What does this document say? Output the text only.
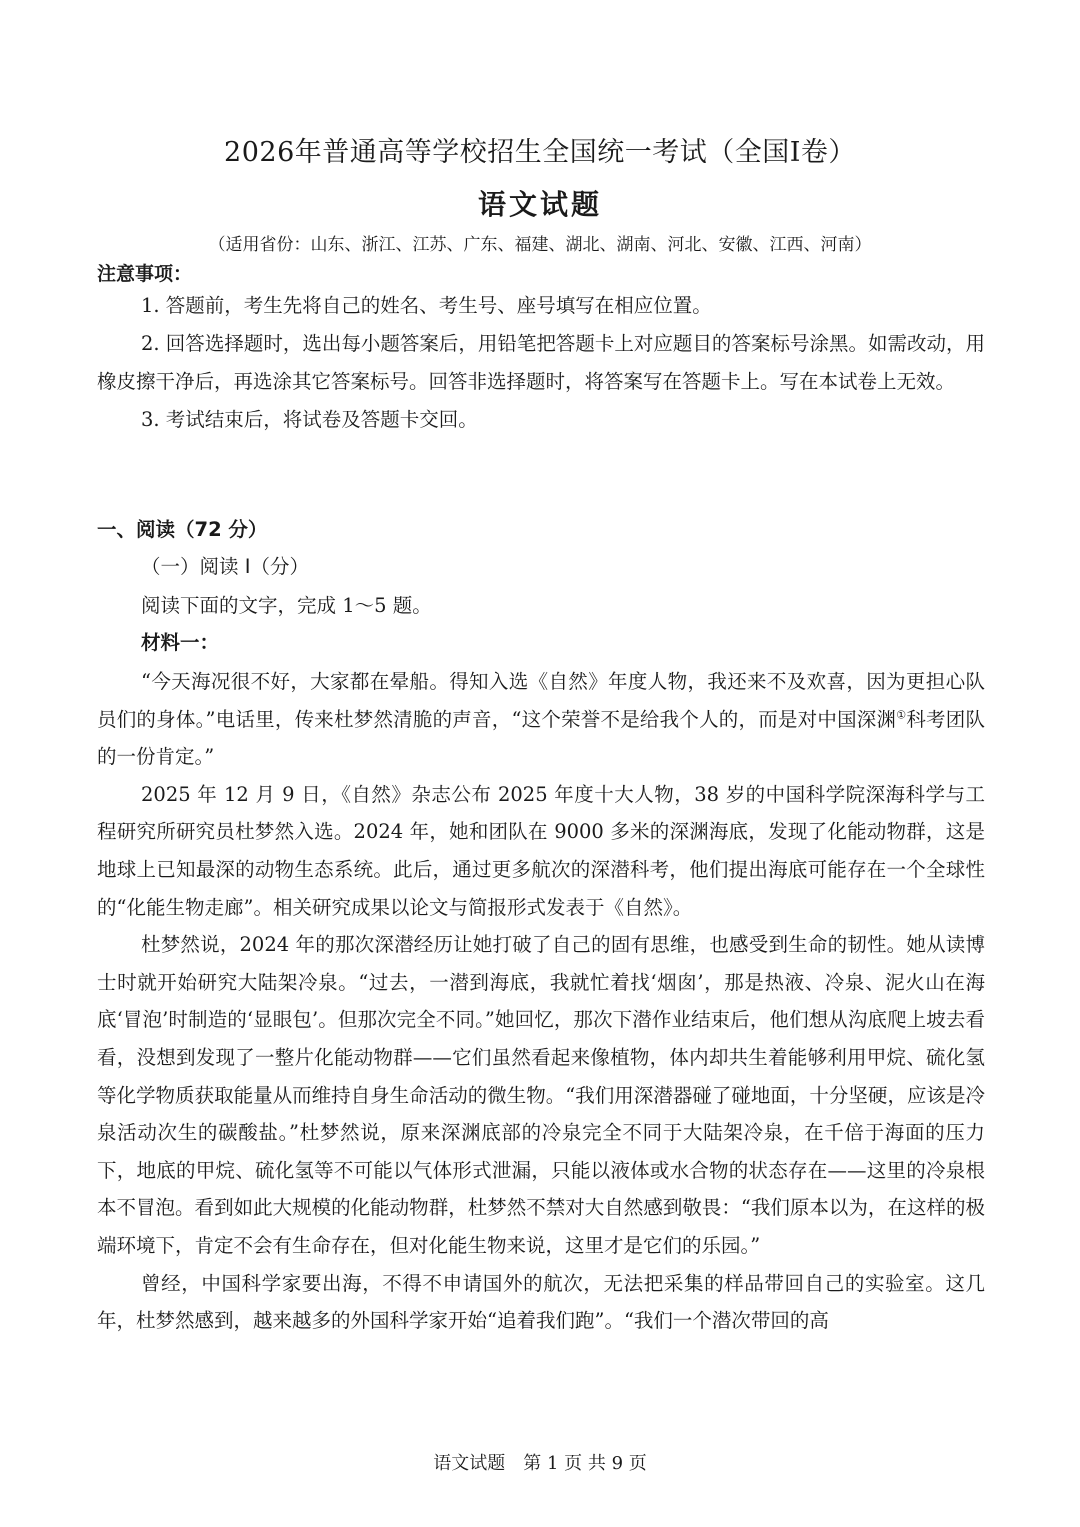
2026年普通高等学校招生全国统一考试（全国Ⅰ卷）
语文试题
（适用省份：山东、浙江、江苏、广东、福建、湖北、湖南、河北、安徽、江西、河南）
注意事项：

1. 答题前，考生先将自己的姓名、考生号、座号填写在相应位置。

2. 回答选择题时，选出每小题答案后，用铅笔把答题卡上对应题目的答案标号涂黑。如需改动，用橡皮擦干净后，再选涂其它答案标号。回答非选择题时，将答案写在答题卡上。写在本试卷上无效。

3. 考试结束后，将试卷及答题卡交回。

一、阅读（72 分）
（一）阅读 I（分）
阅读下面的文字，完成 1～5 题。
材料一：

“今天海况很不好，大家都在晕船。得知入选《自然》年度人物，我还来不及欢喜，因为更担心队员们的身体。”电话里，传来杜梦然清脆的声音，“这个荣誉不是给我个人的，而是对中国深渊①科考团队的一份肯定。”

2025 年 12 月 9 日，《自然》杂志公布 2025 年度十大人物，38 岁的中国科学院深海科学与工程研究所研究员杜梦然入选。2024 年，她和团队在 9000 多米的深渊海底，发现了化能动物群，这是地球上已知最深的动物生态系统。此后，通过更多航次的深潜科考，他们提出海底可能存在一个全球性的“化能生物走廊”。相关研究成果以论文与简报形式发表于《自然》。

杜梦然说，2024 年的那次深潜经历让她打破了自己的固有思维，也感受到生命的韧性。她从读博士时就开始研究大陆架冷泉。“过去，一潜到海底，我就忙着找‘烟囱’，那是热液、冷泉、泥火山在海底‘冒泡’时制造的‘显眼包’。但那次完全不同。”她回忆，那次下潜作业结束后，他们想从沟底爬上坡去看看，没想到发现了一整片化能动物群——它们虽然看起来像植物，体内却共生着能够利用甲烷、硫化氢等化学物质获取能量从而维持自身生命活动的微生物。“我们用深潜器碰了碰地面，十分坚硬，应该是冷泉活动次生的碳酸盐。”杜梦然说，原来深渊底部的冷泉完全不同于大陆架冷泉，在千倍于海面的压力下，地底的甲烷、硫化氢等不可能以气体形式泄漏，只能以液体或水合物的状态存在——这里的冷泉根本不冒泡。看到如此大规模的化能动物群，杜梦然不禁对大自然感到敬畏：“我们原本以为，在这样的极端环境下，肯定不会有生命存在，但对化能生物来说，这里才是它们的乐园。”

曾经，中国科学家要出海，不得不申请国外的航次，无法把采集的样品带回自己的实验室。这几年，杜梦然感到，越来越多的外国科学家开始“追着我们跑”。“我们一个潜次带回的高

语文试题　第 1 页 共 9 页
